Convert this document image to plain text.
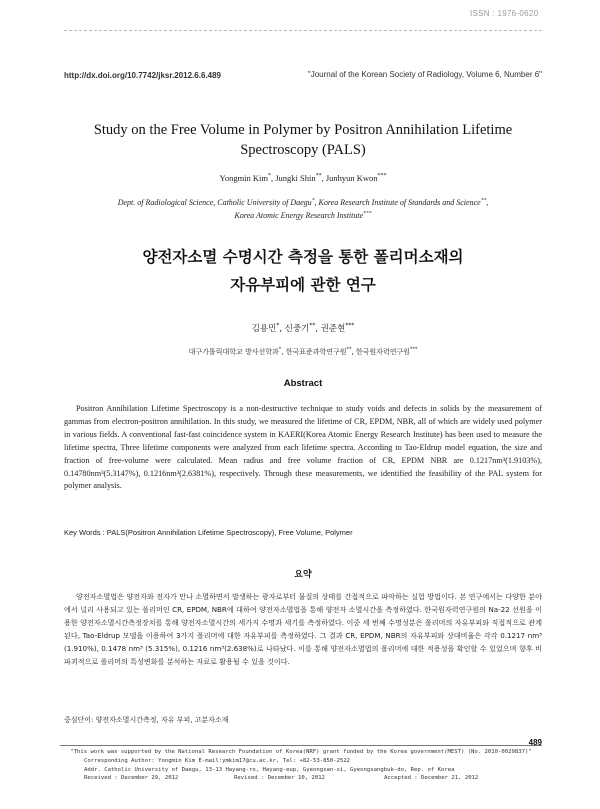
ISSN : 1976-0620
http://dx.doi.org/10.7742/jksr.2012.6.6.489	"Journal of the Korean Society of Radiology, Volume 6, Number 6"
Study on the Free Volume in Polymer by Positron Annihilation Lifetime
Spectroscopy (PALS)
Yongmin Kim*, Jungki Shin**, Junhyun Kwon***
Dept. of Radiological Science, Catholic University of Daegu*, Korea Research Institute of Standards and Science**,
Korea Atomic Energy Research Institute***
양전자소멸 수명시간 측정을 통한 폴리머소재의
자유부피에 관한 연구
김용민*, 신중기**, 권준현***
대구가톨릭대학교 방사선학과*, 한국표준과학연구원**, 한국원자력연구원***
Abstract
Positron Annihilation Lifetime Spectroscopy is a non-destructive technique to study voids and defects in solids by the measurement of gammas from electron-positron annihilation. In this study, we measured the lifetime of CR, EPDM, NBR, all of which are widely used polymer in various fields. A conventional fast-fast coincidence system in KAERI(Korea Atomic Energy Research Institute) has been used to measure the lifetime spectra, Three lifetime components were analyzed from each lifetime spectra. According to Tao-Eldrup model equation, the size and fraction of free-volume were calculated. Mean radius and free volume fraction of CR, EPDM NBR are 0.1217nm³(1.9103%), 0.14780nm³(5.3147%), 0.1216nm³(2.6381%), respectively. Through these measurements, we identified the feasibility of the PAL system for polymer analysis.
Key Words : PALS(Positron Annihilation Lifetime Spectroscopy), Free Volume, Polymer
요약
양전자소멸법은 양전자와 전자가 만나 소멸하면서 발생하는 광자로부터 물질의 상태를 간접적으로 파악하는 실험 방법이다. 본 연구에서는 다양한 분야에서 널리 사용되고 있는 폴리머인 CR, EPDM, NBR에 대하여 양전자소멸법을 통해 양전자 소멸시간을 측정하였다. 한국원자력연구원의 Na-22 선원을 이용한 양전자소멸시간측정장치를 통해 양전자소멸시간의 세가지 수명과 세기를 측정하였다. 이중 세 번째 수명성분은 폴리머의 자유부피와 직접적으로 관계된다, Tao-Eldrup 모델을 이용하여 3가지 폴리머에 대한 자유부피를 측정하였다. 그 결과 CR, EPDM, NBR의 자유부피와 상대비율은 각각 0.1217 nm³ (1.910%), 0.1478 nm³ (5.315%), 0.1216 nm³(2.638%)로 나타났다. 이를 통해 양전자소멸법의 폴리머에 대한 적용성을 확인할 수 있었으며 향후 비파괴적으로 폴리머의 특성변화를 분석하는 자료로 활용될 수 있을 것이다.
중심단어: 양전자소멸시간측정, 자유 부피, 고분자소재
489
"This work was supported by the National Research Foundation of Korea(NRF) grant funded by the Korea government(MEST) (No. 2010-0029837)"
Corresponding Author: Yongmin Kim E-mail:ymkim17@cu.ac.kr, Tel: +82-53-850-2522
Addr. Catholic University of Daegu, 13-13 Hayang-ro, Hayang-eup, Gyeongsan-si, Gyeongsangbuk-do, Rep. of Korea
Received : December 29, 2012	Revised : December 10, 2012	Accepted : December 21, 2012
